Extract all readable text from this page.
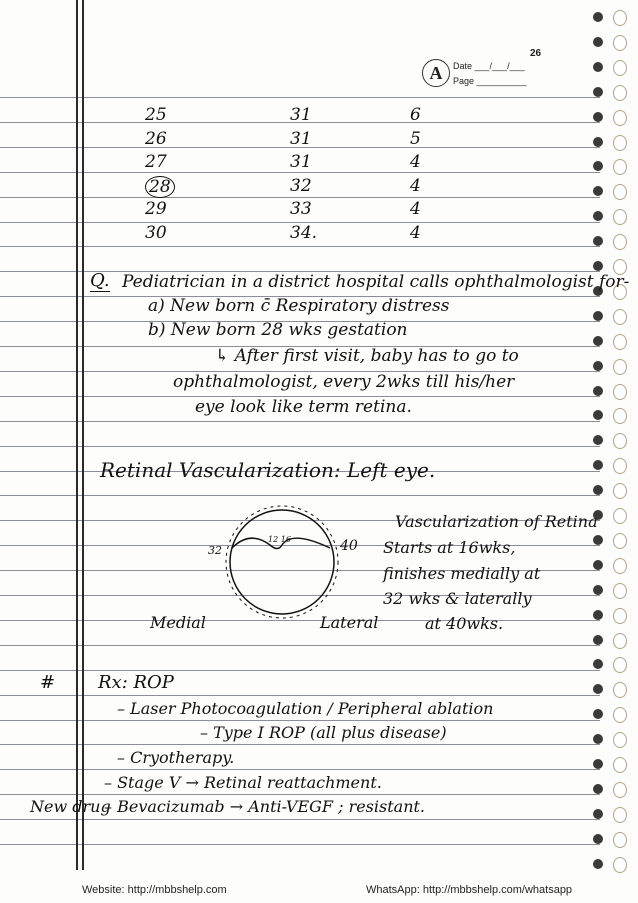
26
A	Date ___/___/___
Page __________
25	31	6
26	31	5
27	31	4
28	32	4
29	33	4
30	34.	4
Q. Pediatrician in a district hospital calls ophthalmologist for-
a) New born c̄ Respiratory distress
b) New born 28 wks gestation
↳ After first visit, baby has to go to
ophthalmologist, every 2wks till his/her
eye look like term retina.
Retinal Vascularization: Left eye.
32	40
12 16
Medial	Lateral
Vascularization of Retina
Starts at 16wks,
finishes medially at
32 wks & laterally
at 40wks.
# Rx: ROP
– Laser Photocoagulation / Peripheral ablation
– Type I ROP (all plus disease)
– Cryotherapy.
– Stage V → Retinal reattachment.
New drug
– Bevacizumab → Anti-VEGF ; resistant.
Website: http://mbbshelp.com	WhatsApp: http://mbbshelp.com/whatsapp
